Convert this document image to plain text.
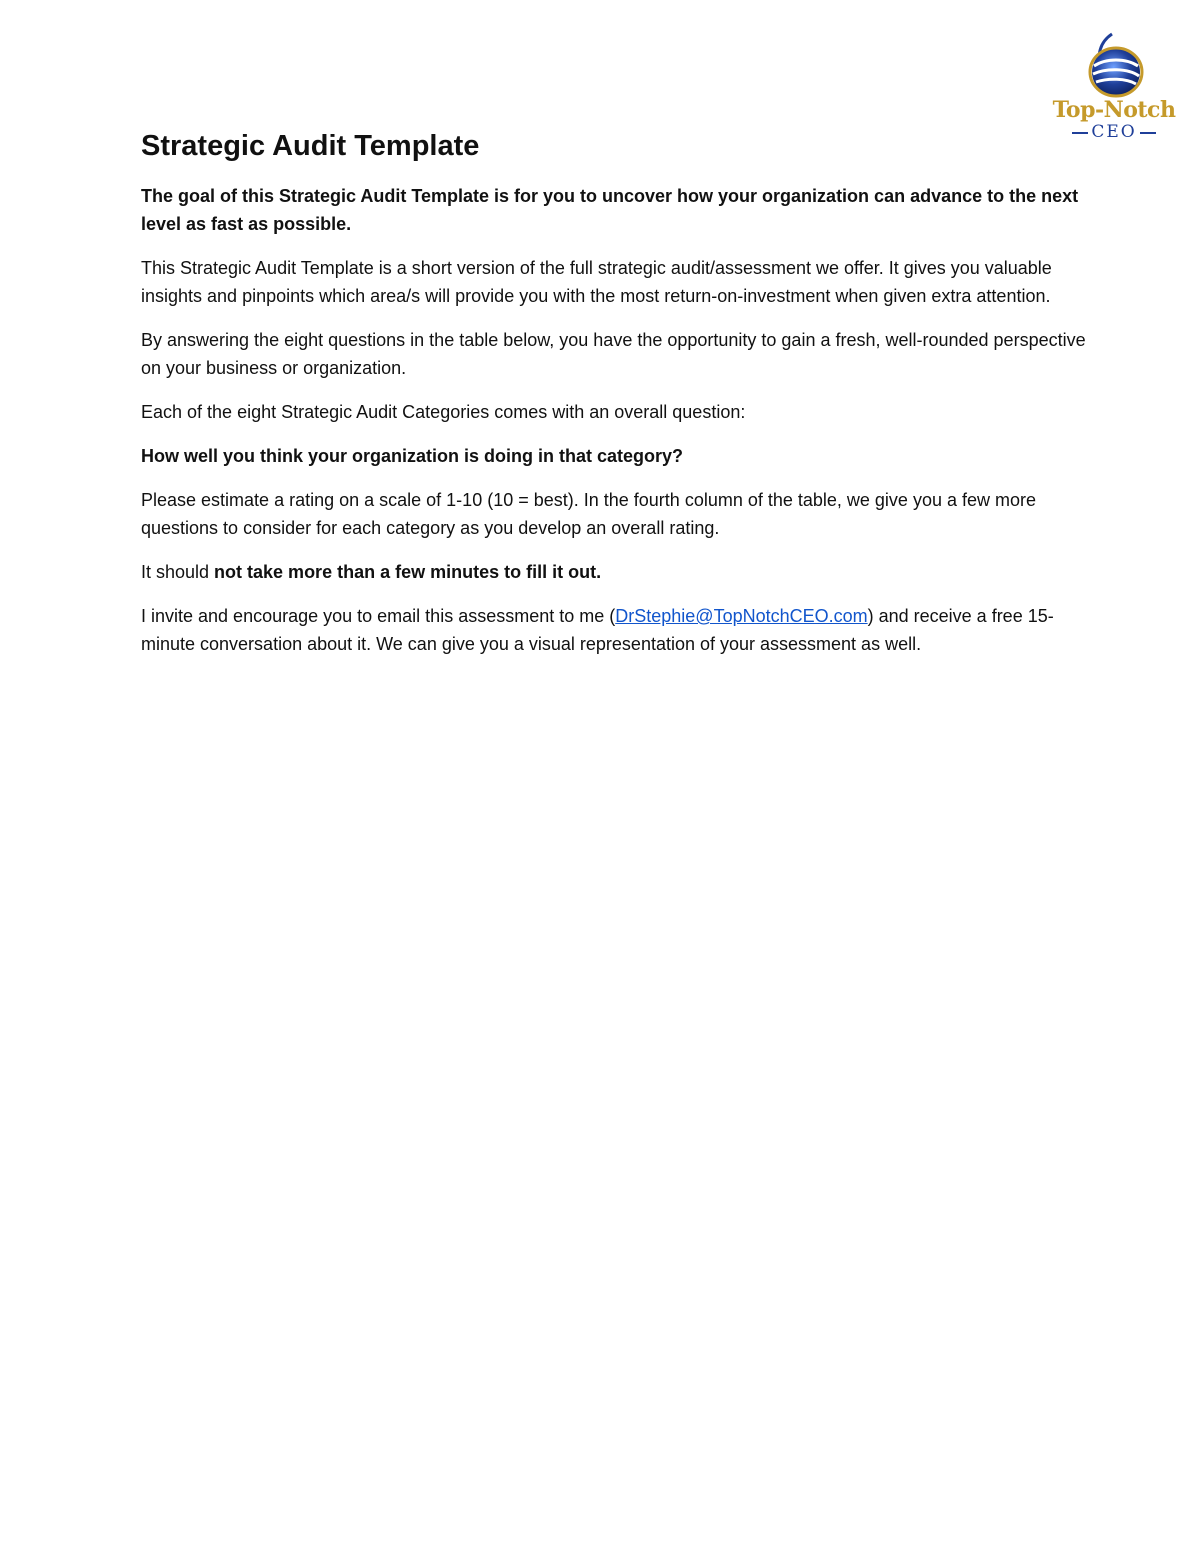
Top-Notch
CEO
Strategic Audit Template

The goal of this Strategic Audit Template is for you to uncover how your organization can advance to the next level as fast as possible.

This Strategic Audit Template is a short version of the full strategic audit/assessment we offer. It gives you valuable insights and pinpoints which area/s will provide you with the most return-on-investment when given extra attention.

By answering the eight questions in the table below, you have the opportunity to gain a fresh, well-rounded perspective on your business or organization.

Each of the eight Strategic Audit Categories comes with an overall question:

How well you think your organization is doing in that category?

Please estimate a rating on a scale of 1-10 (10 = best). In the fourth column of the table, we give you a few more questions to consider for each category as you develop an overall rating.

It should not take more than a few minutes to fill it out.

I invite and encourage you to email this assessment to me (DrStephie@TopNotchCEO.com) and receive a free 15-minute conversation about it. We can give you a visual representation of your assessment as well.
